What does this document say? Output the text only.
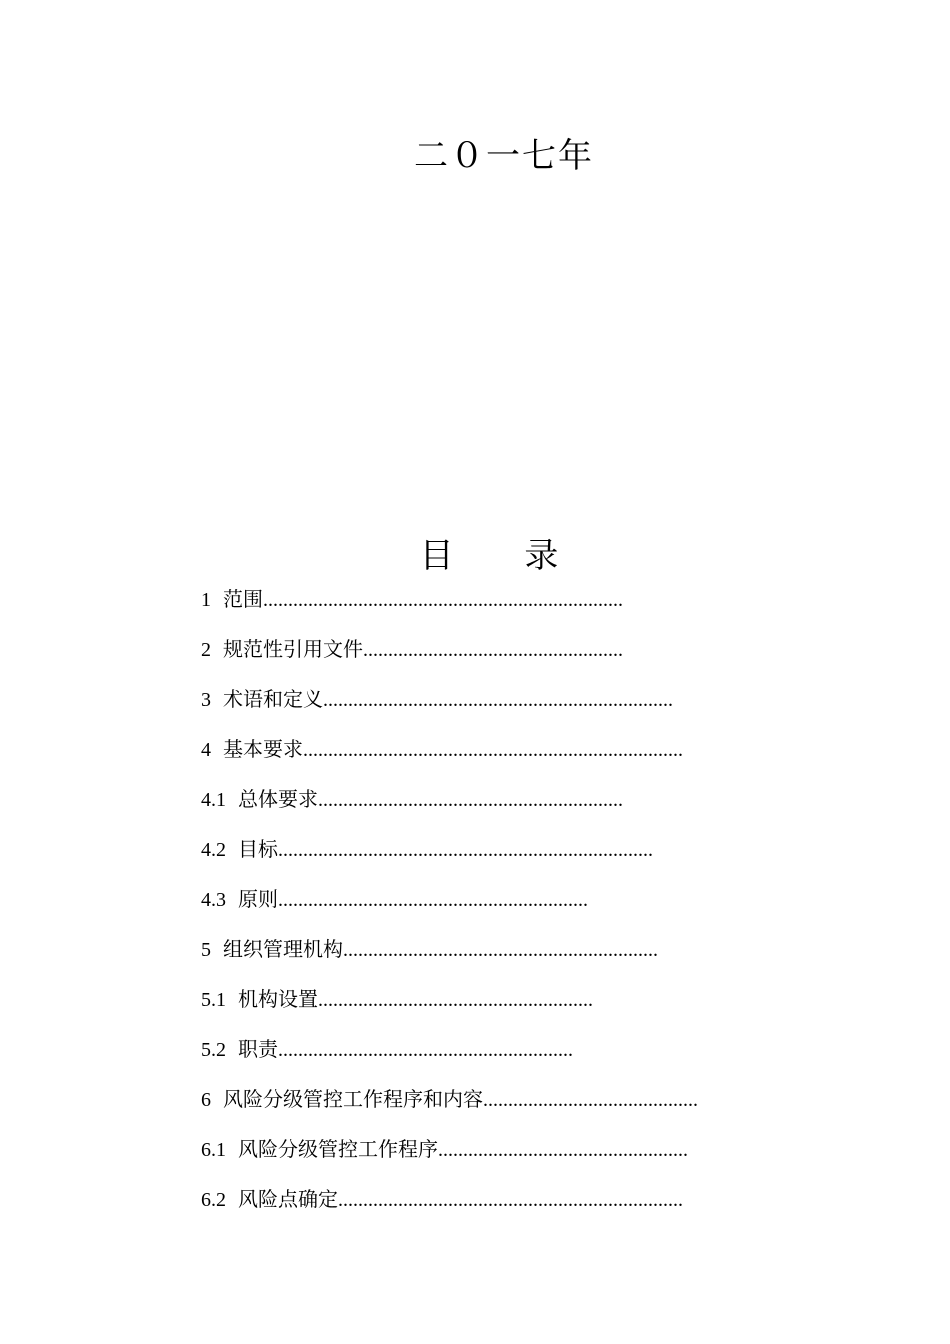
二０一七年
目 录
1 范围........................................................................
2 规范性引用文件....................................................
3 术语和定义......................................................................
4 基本要求............................................................................
4.1 总体要求.............................................................
4.2 目标...........................................................................
4.3 原则..............................................................
5 组织管理机构...............................................................
5.1 机构设置.......................................................
5.2 职责...........................................................
6 风险分级管控工作程序和内容...........................................
6.1 风险分级管控工作程序..................................................
6.2 风险点确定.....................................................................
